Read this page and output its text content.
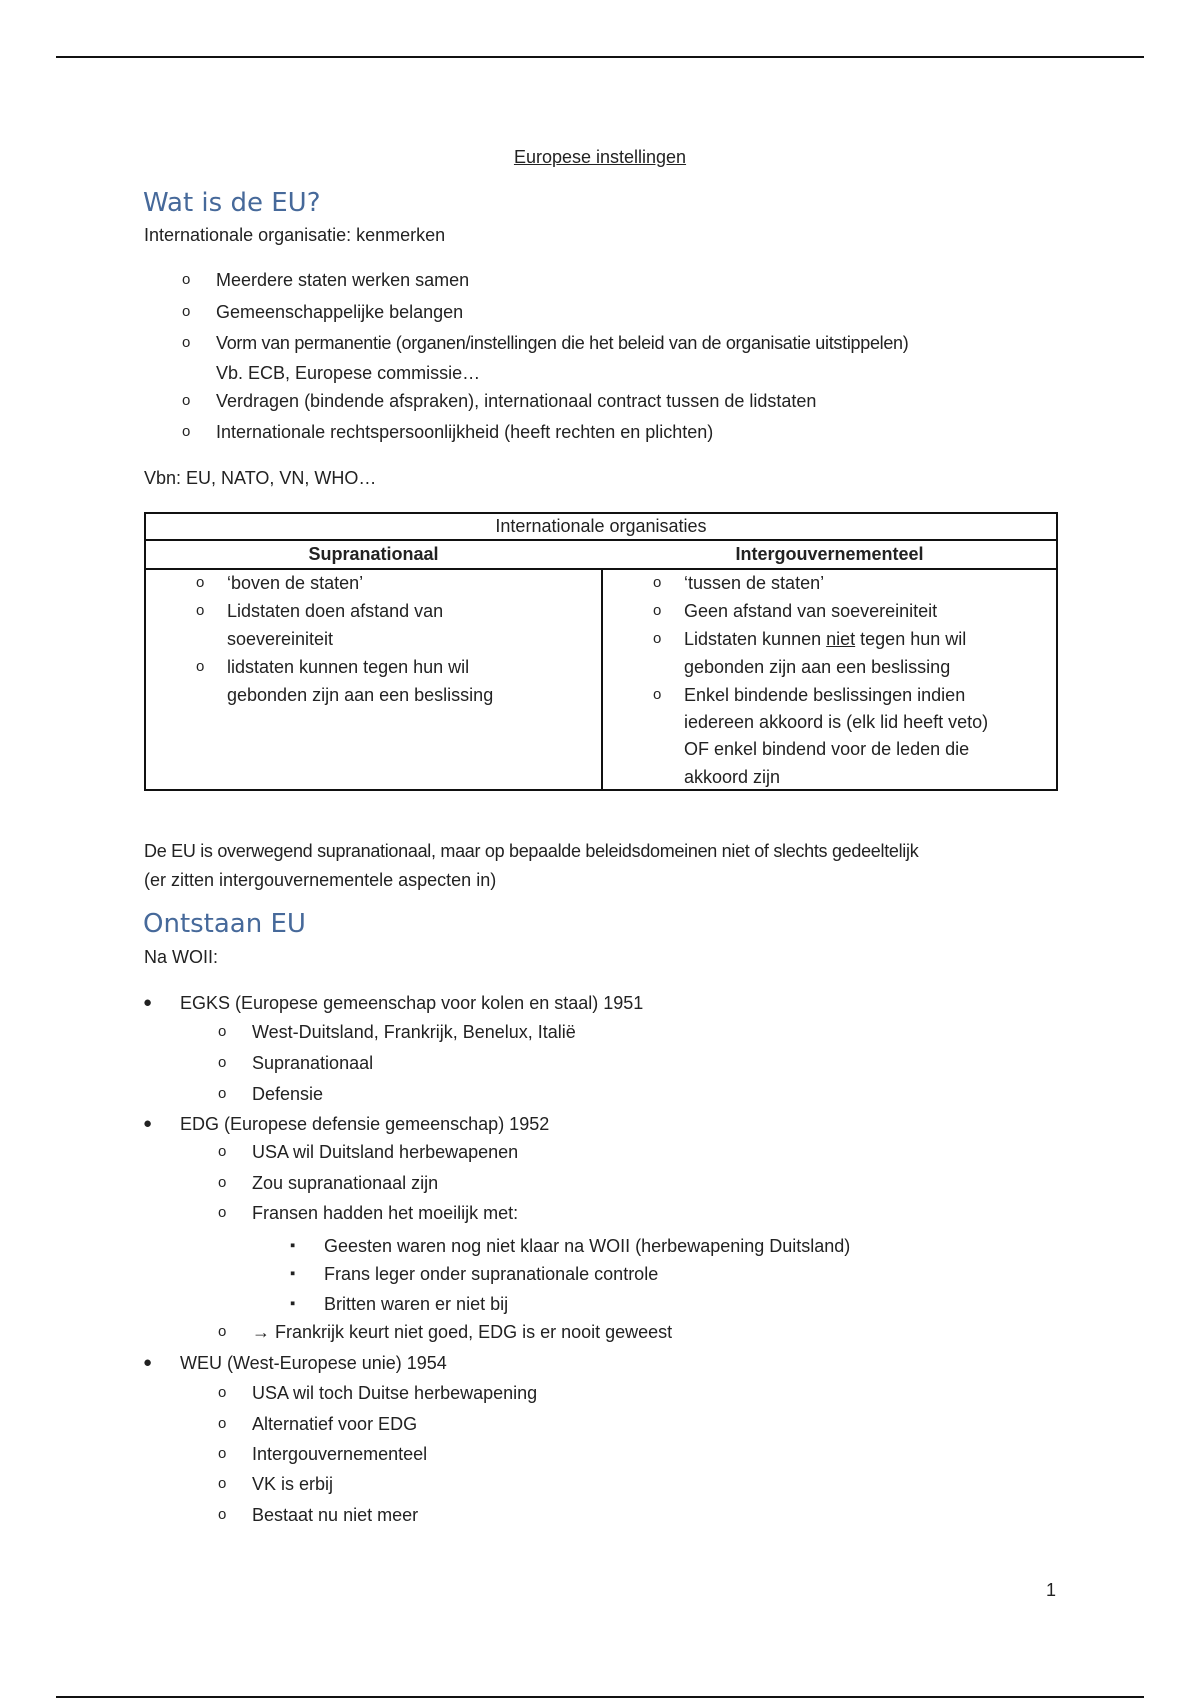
Europese instellingen
Wat is de EU?
Internationale organisatie: kenmerken
o Meerdere staten werken samen
o Gemeenschappelijke belangen
o Vorm van permanentie (organen/instellingen die het beleid van de organisatie uitstippelen)
Vb. ECB, Europese commissie…
o Verdragen (bindende afspraken), internationaal contract tussen de lidstaten
o Internationale rechtspersoonlijkheid (heeft rechten en plichten)
Vbn: EU, NATO, VN, WHO…
Internationale organisaties
Supranationaal	Intergouvernementeel
o ‘boven de staten’
o Lidstaten doen afstand van
soevereiniteit
o lidstaten kunnen tegen hun wil
gebonden zijn aan een beslissing
o ‘tussen de staten’
o Geen afstand van soevereiniteit
o Lidstaten kunnen niet tegen hun wil
gebonden zijn aan een beslissing
o Enkel bindende beslissingen indien
iedereen akkoord is (elk lid heeft veto)
OF enkel bindend voor de leden die
akkoord zijn
De EU is overwegend supranationaal, maar op bepaalde beleidsdomeinen niet of slechts gedeeltelijk
(er zitten intergouvernementele aspecten in)
Ontstaan EU
Na WOII:
● EGKS (Europese gemeenschap voor kolen en staal) 1951
o West-Duitsland, Frankrijk, Benelux, Italië
o Supranationaal
o Defensie
● EDG (Europese defensie gemeenschap) 1952
o USA wil Duitsland herbewapenen
o Zou supranationaal zijn
o Fransen hadden het moeilijk met:
▪ Geesten waren nog niet klaar na WOII (herbewapening Duitsland)
▪ Frans leger onder supranationale controle
▪ Britten waren er niet bij
o → Frankrijk keurt niet goed, EDG is er nooit geweest
● WEU (West-Europese unie) 1954
o USA wil toch Duitse herbewapening
o Alternatief voor EDG
o Intergouvernementeel
o VK is erbij
o Bestaat nu niet meer
1
